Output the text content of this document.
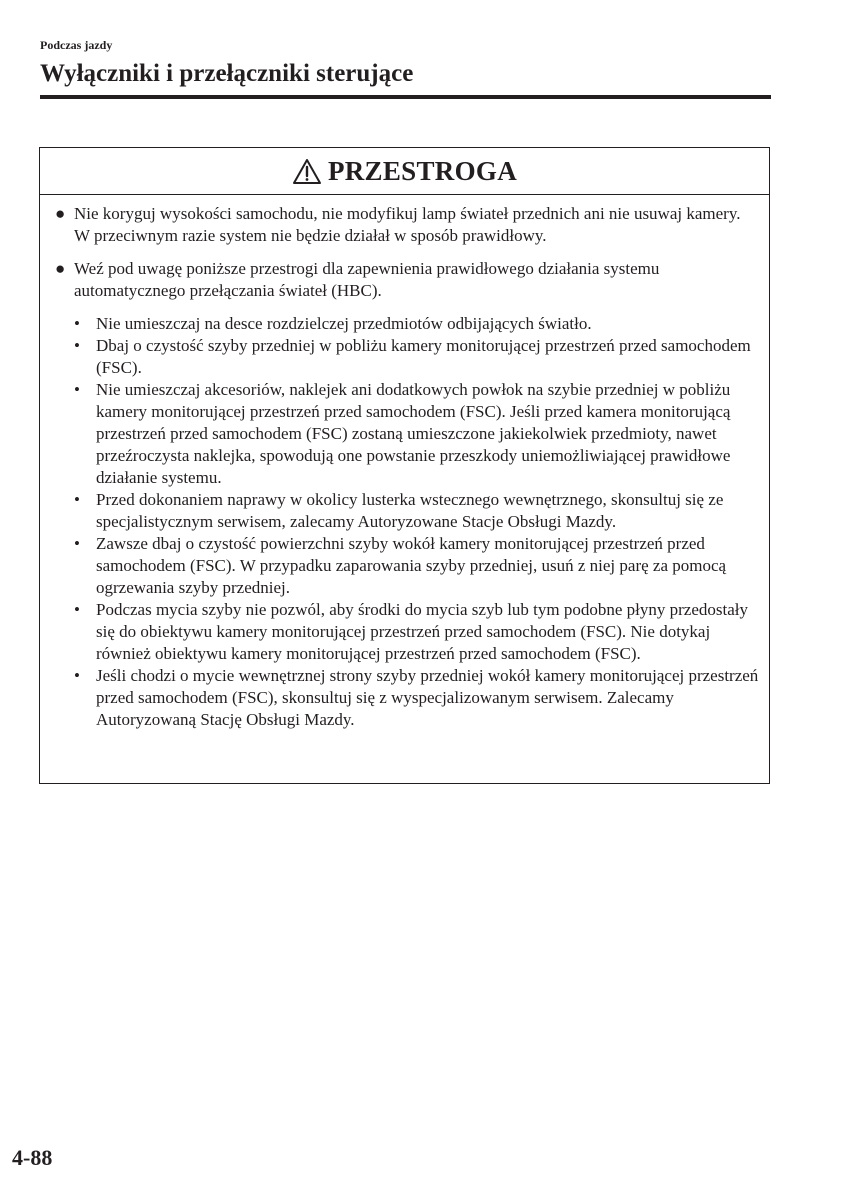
Podczas jazdy
Wyłączniki i przełączniki sterujące
PRZESTROGA
● Nie koryguj wysokości samochodu, nie modyfikuj lamp świateł przednich ani nie usuwaj kamery. W przeciwnym razie system nie będzie działał w sposób prawidłowy.
● Weź pod uwagę poniższe przestrogi dla zapewnienia prawidłowego działania systemu automatycznego przełączania świateł (HBC).
• Nie umieszczaj na desce rozdzielczej przedmiotów odbijających światło.
• Dbaj o czystość szyby przedniej w pobliżu kamery monitorującej przestrzeń przed samochodem (FSC).
• Nie umieszczaj akcesoriów, naklejek ani dodatkowych powłok na szybie przedniej w pobliżu kamery monitorującej przestrzeń przed samochodem (FSC). Jeśli przed kamera monitorującą przestrzeń przed samochodem (FSC) zostaną umieszczone jakiekolwiek przedmioty, nawet przeźroczysta naklejka, spowodują one powstanie przeszkody uniemożliwiającej prawidłowe działanie systemu.
• Przed dokonaniem naprawy w okolicy lusterka wstecznego wewnętrznego, skonsultuj się ze specjalistycznym serwisem, zalecamy Autoryzowane Stacje Obsługi Mazdy.
• Zawsze dbaj o czystość powierzchni szyby wokół kamery monitorującej przestrzeń przed samochodem (FSC). W przypadku zaparowania szyby przedniej, usuń z niej parę za pomocą ogrzewania szyby przedniej.
• Podczas mycia szyby nie pozwól, aby środki do mycia szyb lub tym podobne płyny przedostały się do obiektywu kamery monitorującej przestrzeń przed samochodem (FSC). Nie dotykaj również obiektywu kamery monitorującej przestrzeń przed samochodem (FSC).
• Jeśli chodzi o mycie wewnętrznej strony szyby przedniej wokół kamery monitorującej przestrzeń przed samochodem (FSC), skonsultuj się z wyspecjalizowanym serwisem. Zalecamy Autoryzowaną Stację Obsługi Mazdy.
4-88
